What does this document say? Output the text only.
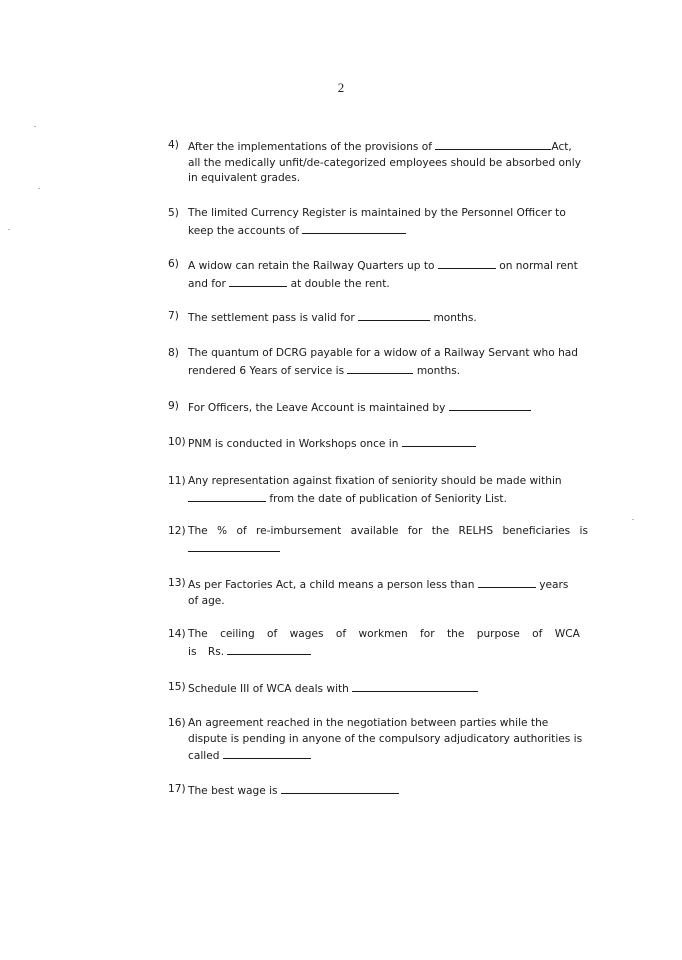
2
4) After the implementations of the provisions of	Act,
all the medically unfit/de-categorized employees should be absorbed only
in equivalent grades.
5) The limited Currency Register is maintained by the Personnel Officer to
keep the accounts of
6) A widow can retain the Railway Quarters up to	on normal rent
and for	at double the rent.
7) The settlement pass is valid for	months.
8) The quantum of DCRG payable for a widow of a Railway Servant who had
rendered 6 Years of service is	months.
9) For Officers, the Leave Account is maintained by
10) PNM is conducted in Workshops once in
11) Any representation against fixation of seniority should be made within
from the date of publication of Seniority List.
12) The % of re-imbursement available for the RELHS beneficiaries is
13) As per Factories Act, a child means a person less than	years
of age.
14) The ceiling of wages of workmen for the purpose of WCA
is Rs.
15) Schedule III of WCA deals with
16) An agreement reached in the negotiation between parties while the
dispute is pending in anyone of the compulsory adjudicatory authorities is
called
17) The best wage is
